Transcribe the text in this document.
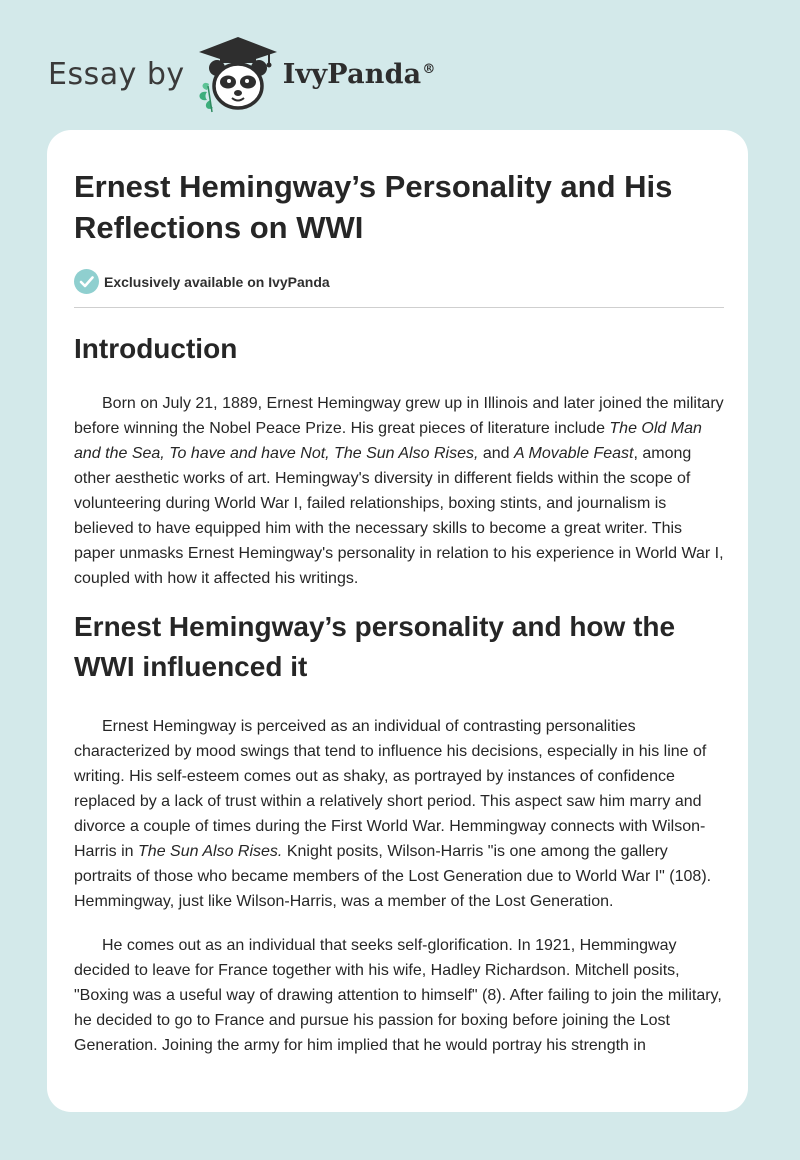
Essay by	IvyPanda®
Ernest Hemingway’s Personality and His Reflections on WWI
Exclusively available on IvyPanda
Introduction

Born on July 21, 1889, Ernest Hemingway grew up in Illinois and later joined the military before winning the Nobel Peace Prize. His great pieces of literature include The Old Man and the Sea, To have and have Not, The Sun Also Rises, and A Movable Feast, among other aesthetic works of art. Hemingway's diversity in different fields within the scope of volunteering during World War I, failed relationships, boxing stints, and journalism is believed to have equipped him with the necessary skills to become a great writer. This paper unmasks Ernest Hemingway's personality in relation to his experience in World War I, coupled with how it affected his writings.

Ernest Hemingway’s personality and how the WWI influenced it

Ernest Hemingway is perceived as an individual of contrasting personalities characterized by mood swings that tend to influence his decisions, especially in his line of writing. His self-esteem comes out as shaky, as portrayed by instances of confidence replaced by a lack of trust within a relatively short period. This aspect saw him marry and divorce a couple of times during the First World War. Hemmingway connects with Wilson-Harris in The Sun Also Rises. Knight posits, Wilson-Harris "is one among the gallery portraits of those who became members of the Lost Generation due to World War I" (108). Hemmingway, just like Wilson-Harris, was a member of the Lost Generation.

He comes out as an individual that seeks self-glorification. In 1921, Hemmingway decided to leave for France together with his wife, Hadley Richardson. Mitchell posits, "Boxing was a useful way of drawing attention to himself" (8). After failing to join the military, he decided to go to France and pursue his passion for boxing before joining the Lost Generation. Joining the army for him implied that he would portray his strength in
